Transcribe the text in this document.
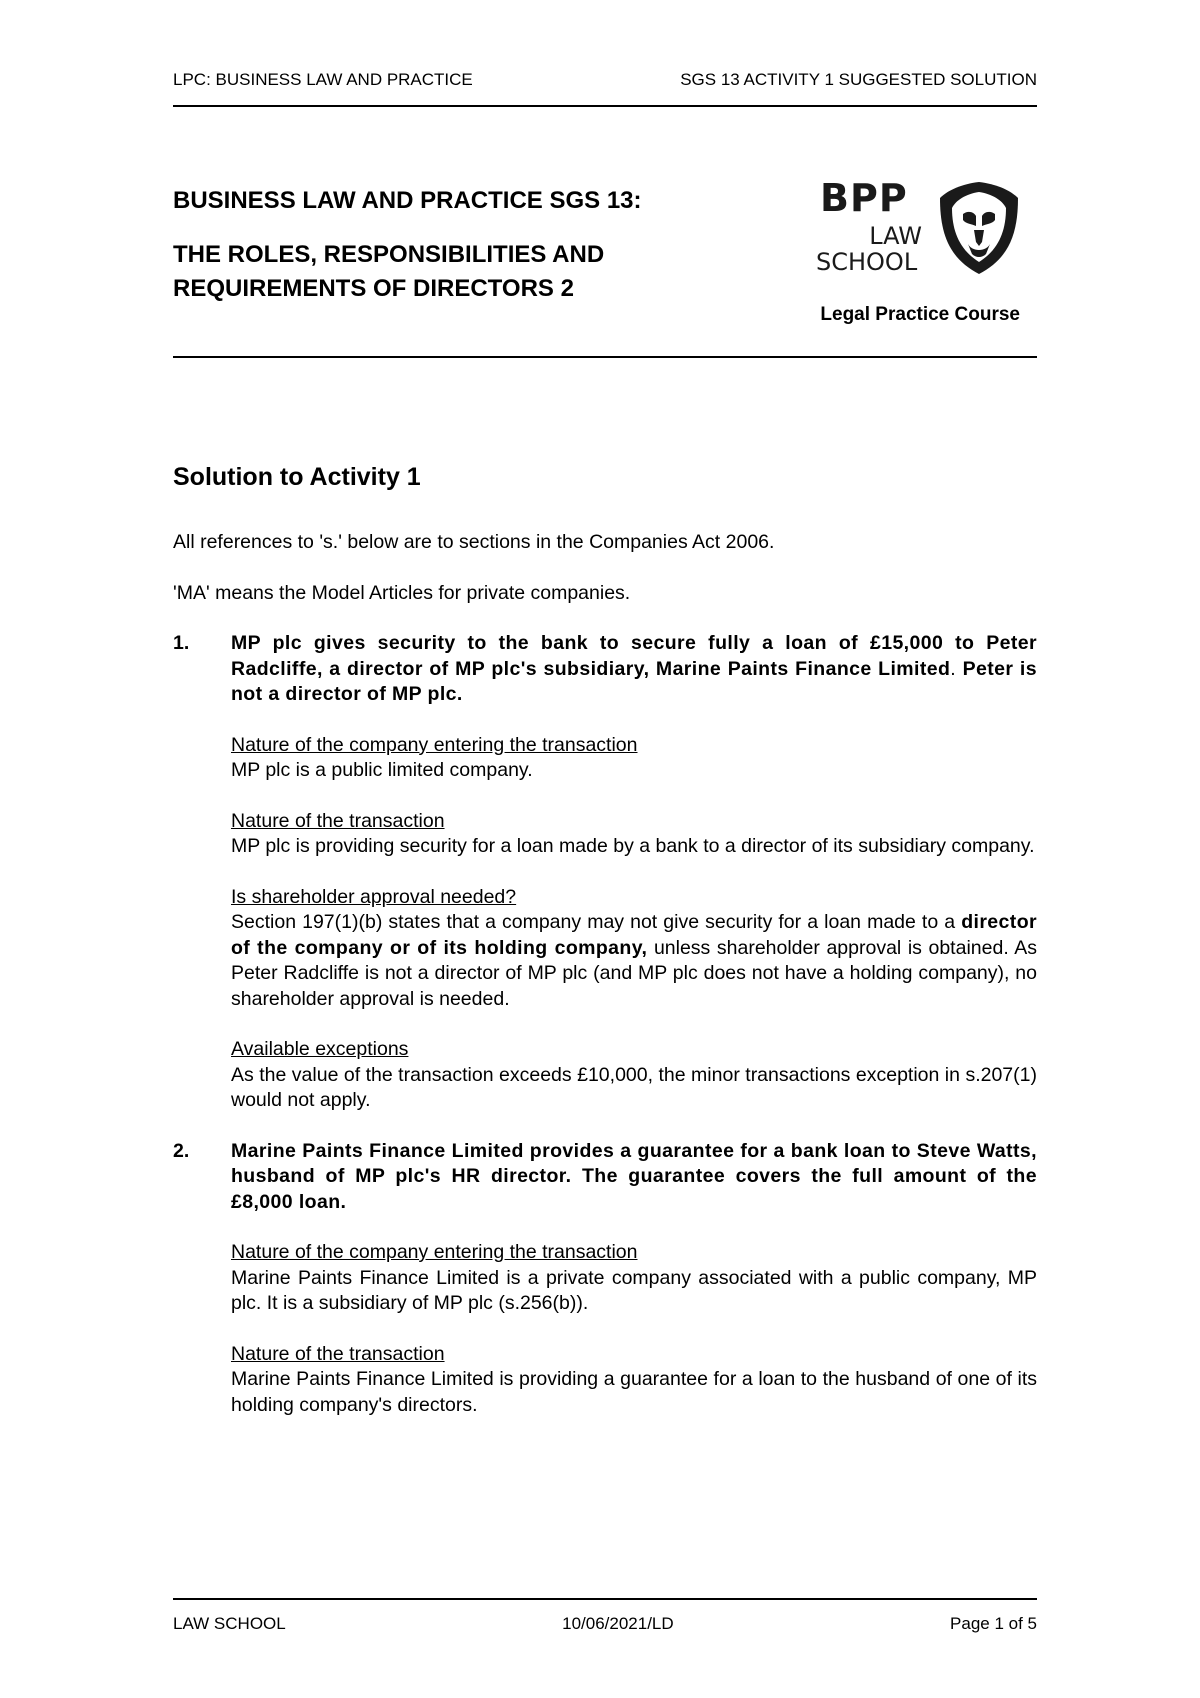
LPC: BUSINESS LAW AND PRACTICE	SGS 13 ACTIVITY 1 SUGGESTED SOLUTION
BUSINESS LAW AND PRACTICE SGS 13:
THE ROLES, RESPONSIBILITIES AND
REQUIREMENTS OF DIRECTORS 2
BPP
LAW
SCHOOL
Legal Practice Course
Solution to Activity 1

All references to 's.' below are to sections in the Companies Act 2006.

'MA' means the Model Articles for private companies.

1.	MP plc gives security to the bank to secure fully a loan of £15,000 to Peter Radcliffe, a director of MP plc's subsidiary, Marine Paints Finance Limited. Peter is not a director of MP plc.
Nature of the company entering the transaction
MP plc is a public limited company.
Nature of the transaction
MP plc is providing security for a loan made by a bank to a director of its subsidiary company.
Is shareholder approval needed?
Section 197(1)(b) states that a company may not give security for a loan made to a director of the company or of its holding company, unless shareholder approval is obtained. As Peter Radcliffe is not a director of MP plc (and MP plc does not have a holding company), no shareholder approval is needed.
Available exceptions
As the value of the transaction exceeds £10,000, the minor transactions exception in s.207(1) would not apply.
2.	Marine Paints Finance Limited provides a guarantee for a bank loan to Steve Watts, husband of MP plc's HR director. The guarantee covers the full amount of the £8,000 loan.
Nature of the company entering the transaction
Marine Paints Finance Limited is a private company associated with a public company, MP plc. It is a subsidiary of MP plc (s.256(b)).
Nature of the transaction
Marine Paints Finance Limited is providing a guarantee for a loan to the husband of one of its holding company's directors.
LAW SCHOOL	10/06/2021/LD	Page 1 of 5
